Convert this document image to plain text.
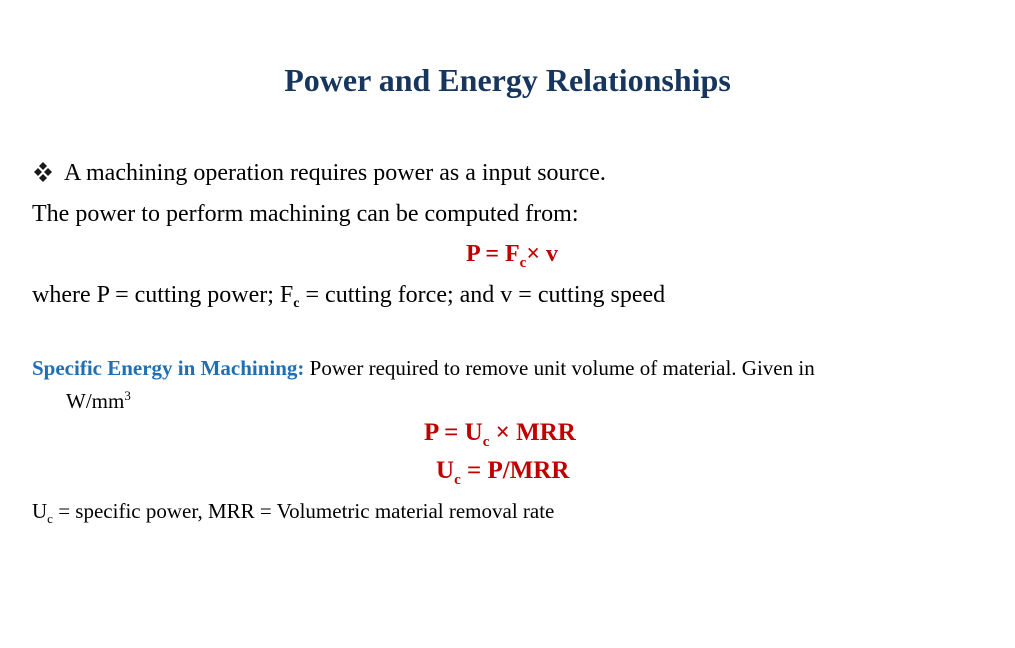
Power and Energy Relationships
A machining operation requires power as a input source.
The power to perform machining can be computed from:
$P = F_c\times v$
where P = cutting power; $F_c$ = cutting force; and v = cutting speed
Specific Energy in Machining: Power required to remove unit volume of material. Given in
$W/mm^3$
$P = U_c$ × MRR
$U_c = P/MRR$
$U_c$ = specific power, MRR = Volumetric material removal rate
